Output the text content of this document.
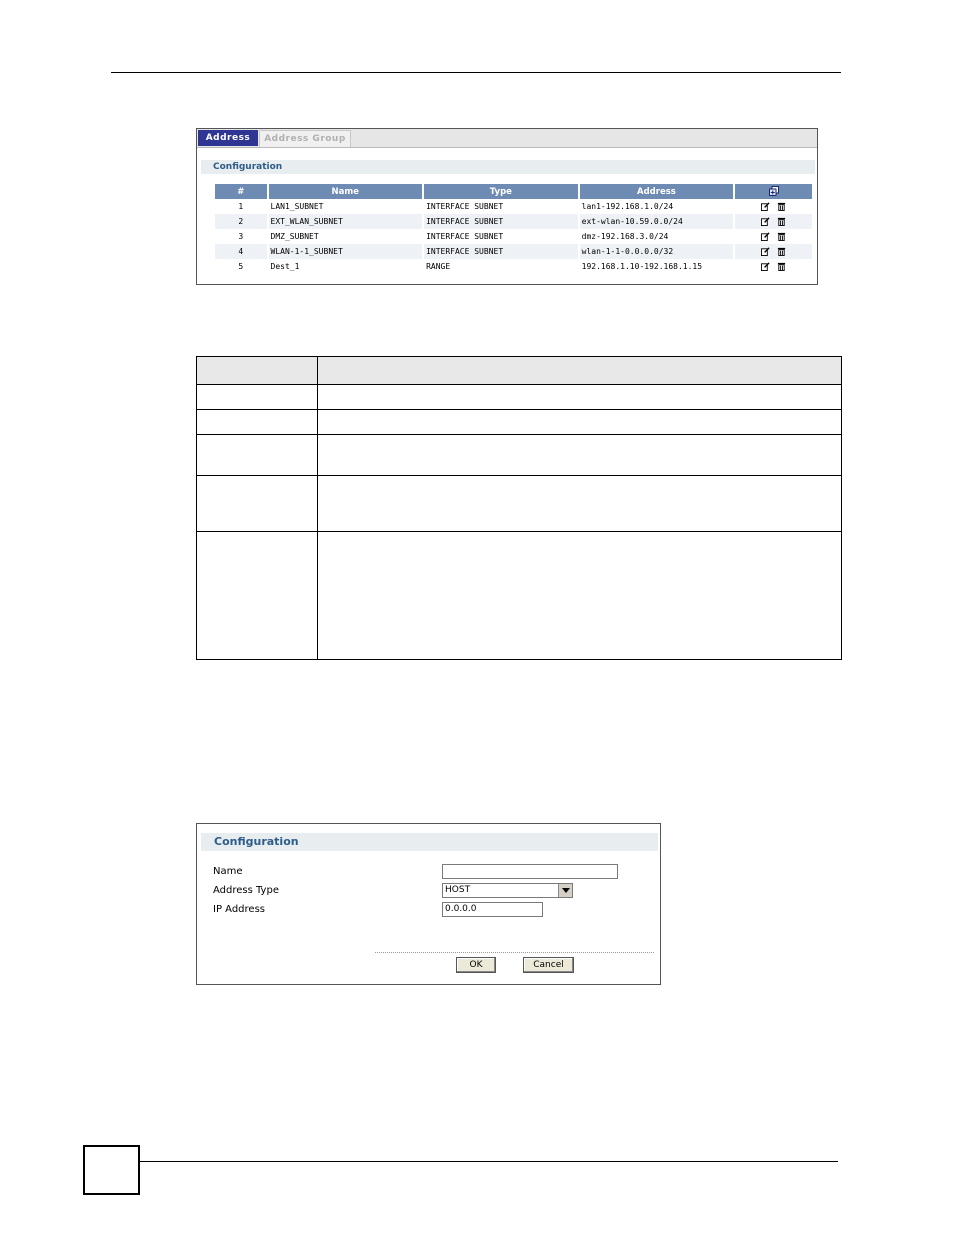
Address	Address Group
Configuration
#	Name	Type	Address	
1	LAN1_SUBNET	INTERFACE SUBNET	lan1-192.168.1.0/24	
2	EXT_WLAN_SUBNET	INTERFACE SUBNET	ext-wlan-10.59.0.0/24	
3	DMZ_SUBNET	INTERFACE SUBNET	dmz-192.168.3.0/24	
4	WLAN-1-1_SUBNET	INTERFACE SUBNET	wlan-1-1-0.0.0.0/32	
5	Dest_1	RANGE	192.168.1.10-192.168.1.15	

Configuration
Name
Address Type	HOST
IP Address	0.0.0.0
OK	Cancel
